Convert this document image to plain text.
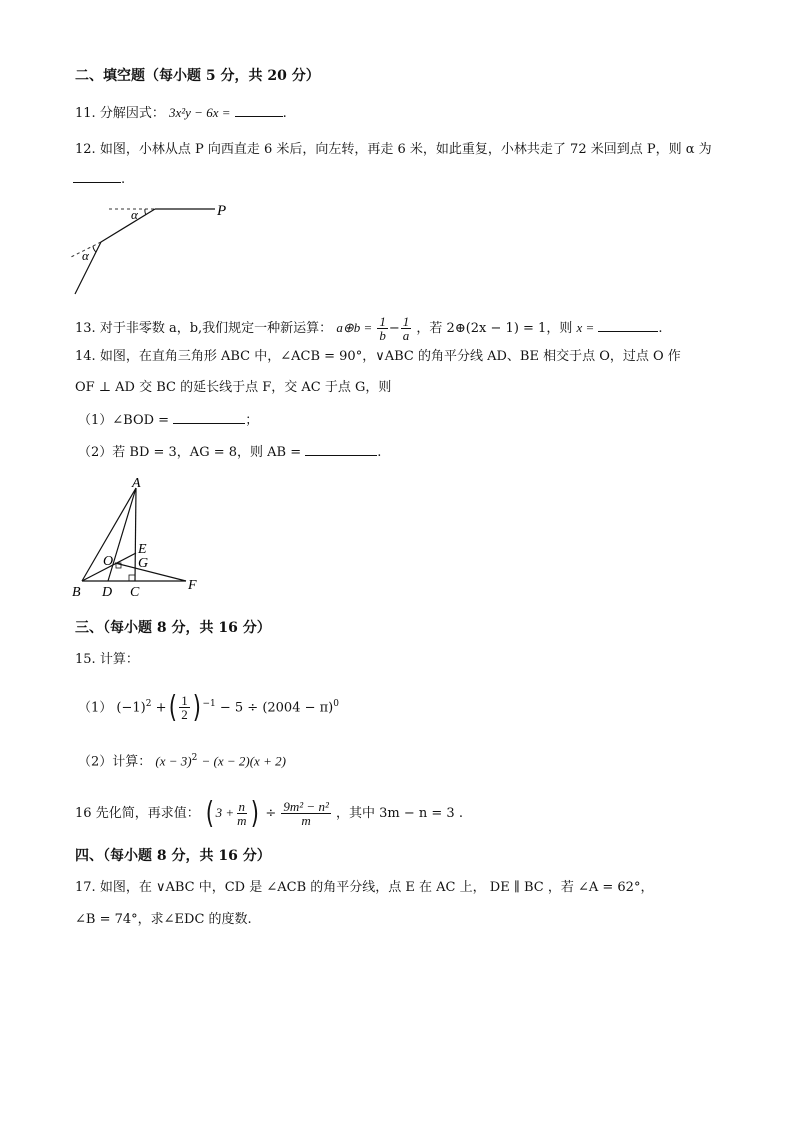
二、填空题（每小题 5 分，共 20 分）
11. 分解因式： 3x²y − 6x =	.
12. 如图，小林从点 P 向西直走 6 米后，向左转，再走 6 米，如此重复，小林共走了 72 米回到点 P，则 α 为
.
α
α
P
13. 对于非零数 a，b,我们规定一种新运算： a⊕b = $\frac{1}{b} - \frac{1}{a}$ ，若 2⊕(2x − 1) = 1，则 x =	.
14. 如图，在直角三角形 ABC 中，∠ACB = 90°，∨ABC 的角平分线 AD、BE 相交于点 O，过点 O 作
OF ⊥ AD 交 BC 的延长线于点 F，交 AC 于点 G，则
（1）∠BOD =	；
（2）若 BD = 3，AG = 8，则 AB =	.
A
B D C	F
E
G
O
三、（每小题 8 分，共 16 分）
15. 计算：
（1） $(-1)^2$ +( $\frac{1}{2}$ ) $^{-1} - 5 \div (2004 - \pi)^0$
（2）计算： $(x - 3)^2 - (x - 2)(x + 2)$
16 先化简，再求值： ( $3 + \frac{n}{m}$ ) ÷ $\frac{\text{9m² − n²}}{m}$ ，其中 3m − n = 3 .
四、（每小题 8 分，共 16 分）
17. 如图，在 ∨ABC 中，CD 是 ∠ACB 的角平分线，点 E 在 AC 上， DE ∥ BC ，若 ∠A = 62°，
∠B = 74°，求∠EDC 的度数.
